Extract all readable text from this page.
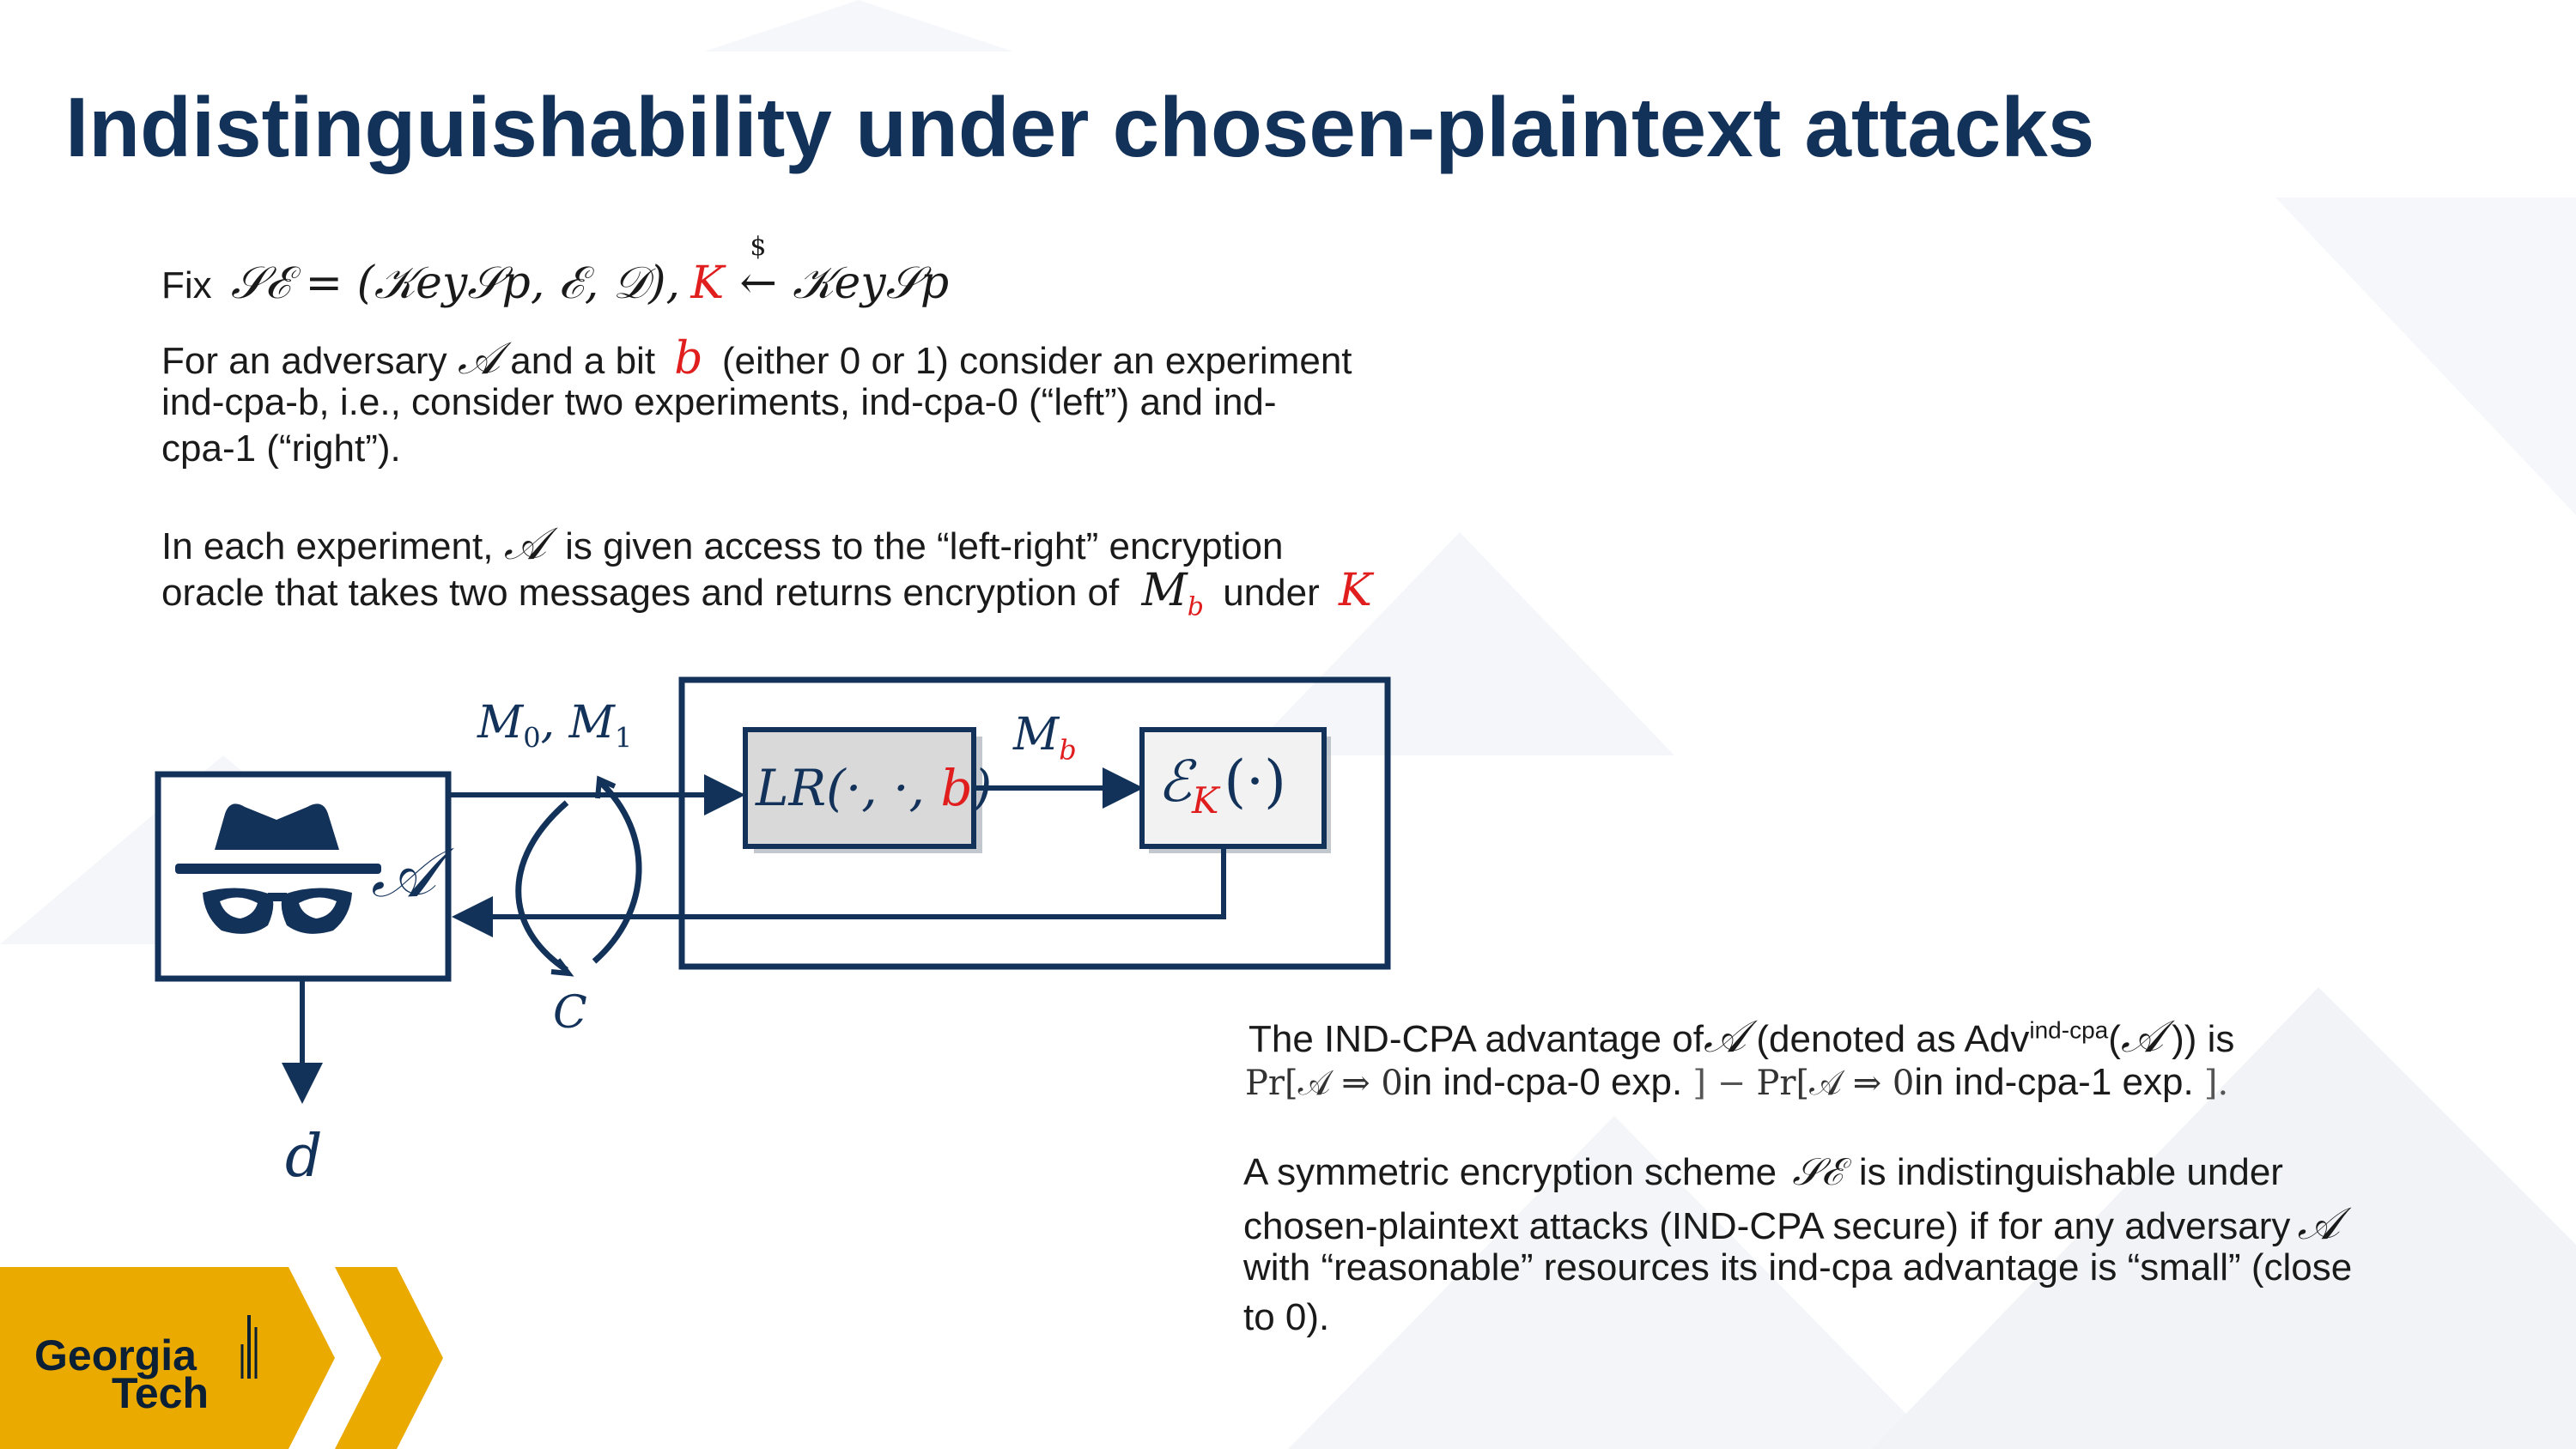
Indistinguishability under chosen-plaintext attacks
Fix 𝒮ℰ = (𝒦ey𝒮p, ℰ, 𝒟), K
$
← 𝒦ey𝒮p
For an adversary 𝒜 and a bit b (either 0 or 1) consider an experiment
ind-cpa-b, i.e., consider two experiments, ind-cpa-0 (“left”) and ind-
cpa-1 (“right”).
In each experiment, 𝒜 is given access to the “left-right” encryption
oracle that takes two messages and returns encryption of $M_b$ under K
𝒜
$M_0$, $M_1$
LR(·, ·, b)
$M_b$ ℰ$_K$(·)
C
d
The IND-CPA advantage of𝒜 (denoted as Adv$^{ind-cpa}$(𝒜 )) is
Pr[𝒜 ⇒ 0in ind-cpa-0 exp. ] − Pr[𝒜 ⇒ 0in ind-cpa-1 exp. ].
A symmetric encryption scheme 𝒮ℰ is indistinguishable under
chosen-plaintext attacks (IND-CPA secure) if for any adversary 𝒜
with “reasonable” resources its ind-cpa advantage is “small” (close
to 0).
Georgia
Tech
